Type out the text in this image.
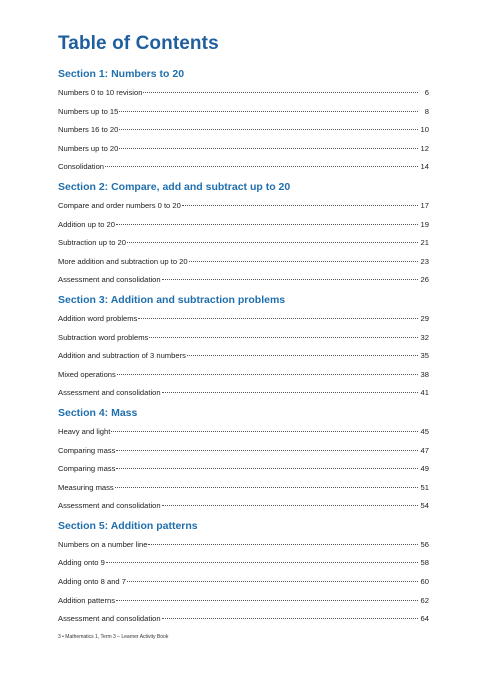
Table of Contents
Section 1: Numbers to 20
Numbers 0 to 10 revision	6
Numbers up to 15	8
Numbers 16 to 20	10
Numbers up to 20	12
Consolidation	14
Section 2: Compare, add and subtract up to 20
Compare and order numbers 0 to 20	17
Addition up to 20	19
Subtraction up to 20	21
More addition and subtraction up to 20	23
Assessment and consolidation	26
Section 3: Addition and subtraction problems
Addition word problems	29
Subtraction word problems	32
Addition and subtraction of 3 numbers	35
Mixed operations	38
Assessment and consolidation	41
Section 4: Mass
Heavy and light	45
Comparing mass	47
Comparing mass	49
Measuring mass	51
Assessment and consolidation	54
Section 5: Addition patterns
Numbers on a number line	56
Adding onto 9	58
Adding onto 8 and 7	60
Addition patterns	62
Assessment and consolidation	64
3 • Mathematics 1, Term 3 – Learner Activity Book
